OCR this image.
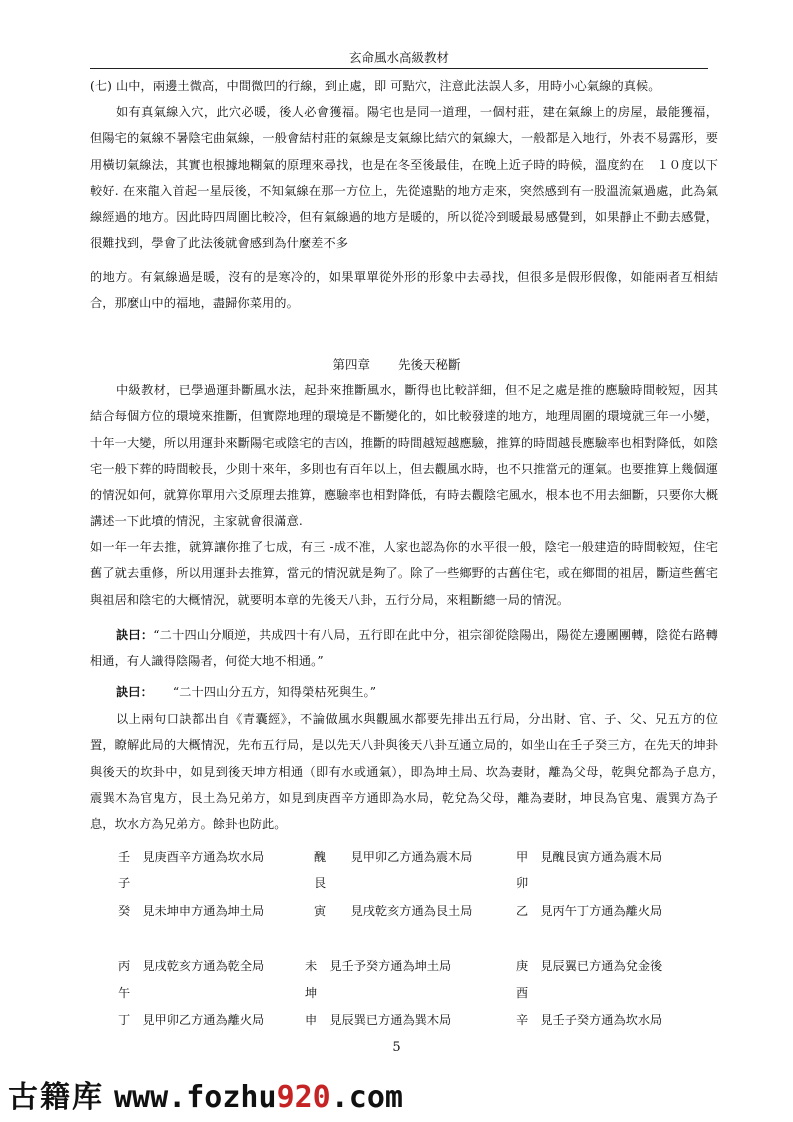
玄命風水高級教材
(七) 山中，兩邊土微高，中間微凹的行線，到止處，即 可點穴，注意此法誤人多，用時小心氣線的真候。
如有真氣線入穴，此穴必暖，後人必會獲福。陽宅也是同一道理，一個村莊，建在氣線上的房屋，最能獲福，但陽宅的氣線不暑陰宅曲氣線，一般會結村莊的氣線是支氣線比結穴的氣線大，一般都是入地行，外表不易露形，要用橫切氣線法，其實也根據地糊氣的原理來尋找，也是在冬至後最佳，在晚上近子時的時候，溫度約在　１０度以下較好. 在來龍入首起一星辰後，不知氣線在那一方位上，先從遠點的地方走來，突然感到有一股溫流氣過處，此為氣線經過的地方。因此時四周圍比較冷，但有氣線過的地方是暖的，所以從冷到暖最易感覺到，如果靜止不動去感覺，很難找到，學會了此法後就會感到為什麼差不多
的地方。有氣線過是暖，沒有的是寒冷的，如果單單從外形的形象中去尋找，但很多是假形假像，如能兩者互相結合，那麼山中的福地，盡歸你菜用的。
第四章 先後天秘斷
中級教材，已學過運卦斷風水法，起卦來推斷風水，斷得也比較詳細，但不足之處是推的應驗時間較短，因其結合每個方位的環境來推斷，但實際地理的環境是不斷變化的，如比較發達的地方，地理周圍的環境就三年一小變，十年一大變，所以用運卦來斷陽宅或陰宅的吉凶，推斷的時間越短越應驗，推算的時間越長應驗率也相對降低，如陰宅一般下葬的時間較長，少則十來年，多則也有百年以上，但去觀風水時，也不只推當元的運氣。也要推算上幾個運的情況如何，就算你單用六爻原理去推算，應驗率也相對降低，有時去觀陰宅風水，根本也不用去細斷，只要你大概講述一下此墳的情況，主家就會很滿意.
如一年一年去推，就算讓你推了七成，有三 -成不准，人家也認為你的水平很一般，陰宅一般建造的時間較短，住宅舊了就去重修，所以用運卦去推算，當元的情況就是夠了。除了一些鄉野的古舊住宅，或在鄉間的祖居，斷這些舊宅與祖居和陰宅的大概情況，就要明本章的先後天八卦，五行分局，來粗斷總一局的情況。
訣曰：“二十四山分順逆，共成四十有八局，五行即在此中分，祖宗卻從陰陽出，陽從左邊團團轉，陰從右路轉相通，有人識得陰陽者，何從大地不相通。”
訣曰： “二十四山分五方，知得榮枯死與生。”
以上兩句口訣都出自《青囊經》，不論做風水與觀風水都要先排出五行局，分出財、官、子、父、兄五方的位置，瞭解此局的大概情況，先布五行局，是以先天八卦與後天八卦互通立局的，如坐山在壬子癸三方，在先天的坤卦與後天的坎卦中，如見到後天坤方相通（即有水或通氣），即為坤土局、坎為妻財，離為父母，乾與兌都為子息方，　震巽木為官鬼方，艮土為兄弟方，如見到庚酉辛方通即為水局，乾兌為父母，離為妻財，坤艮為官鬼、震巽方為子息，坎水方為兄弟方。餘卦也防此。
壬　 見庚酉辛方通為坎水局
子
癸　 見未坤申方通為坤土局
丙　 見戌乾亥方通為乾全局
午
丁　 見甲卯乙方通為離火局
醜　　 見甲卯乙方通為震木局
艮
寅　　 見戌乾亥方通為艮土局
未　 見壬予癸方通為坤土局
坤
申　 見辰巽已方通為巽木局
甲　 見醜艮寅方通為震木局
卯
乙　 見丙午丁方通為離火局
庚　 見辰翼已方通為兌金後
酉
辛　 見壬子癸方通為坎水局
5
古籍库 www.fozhu920.com
